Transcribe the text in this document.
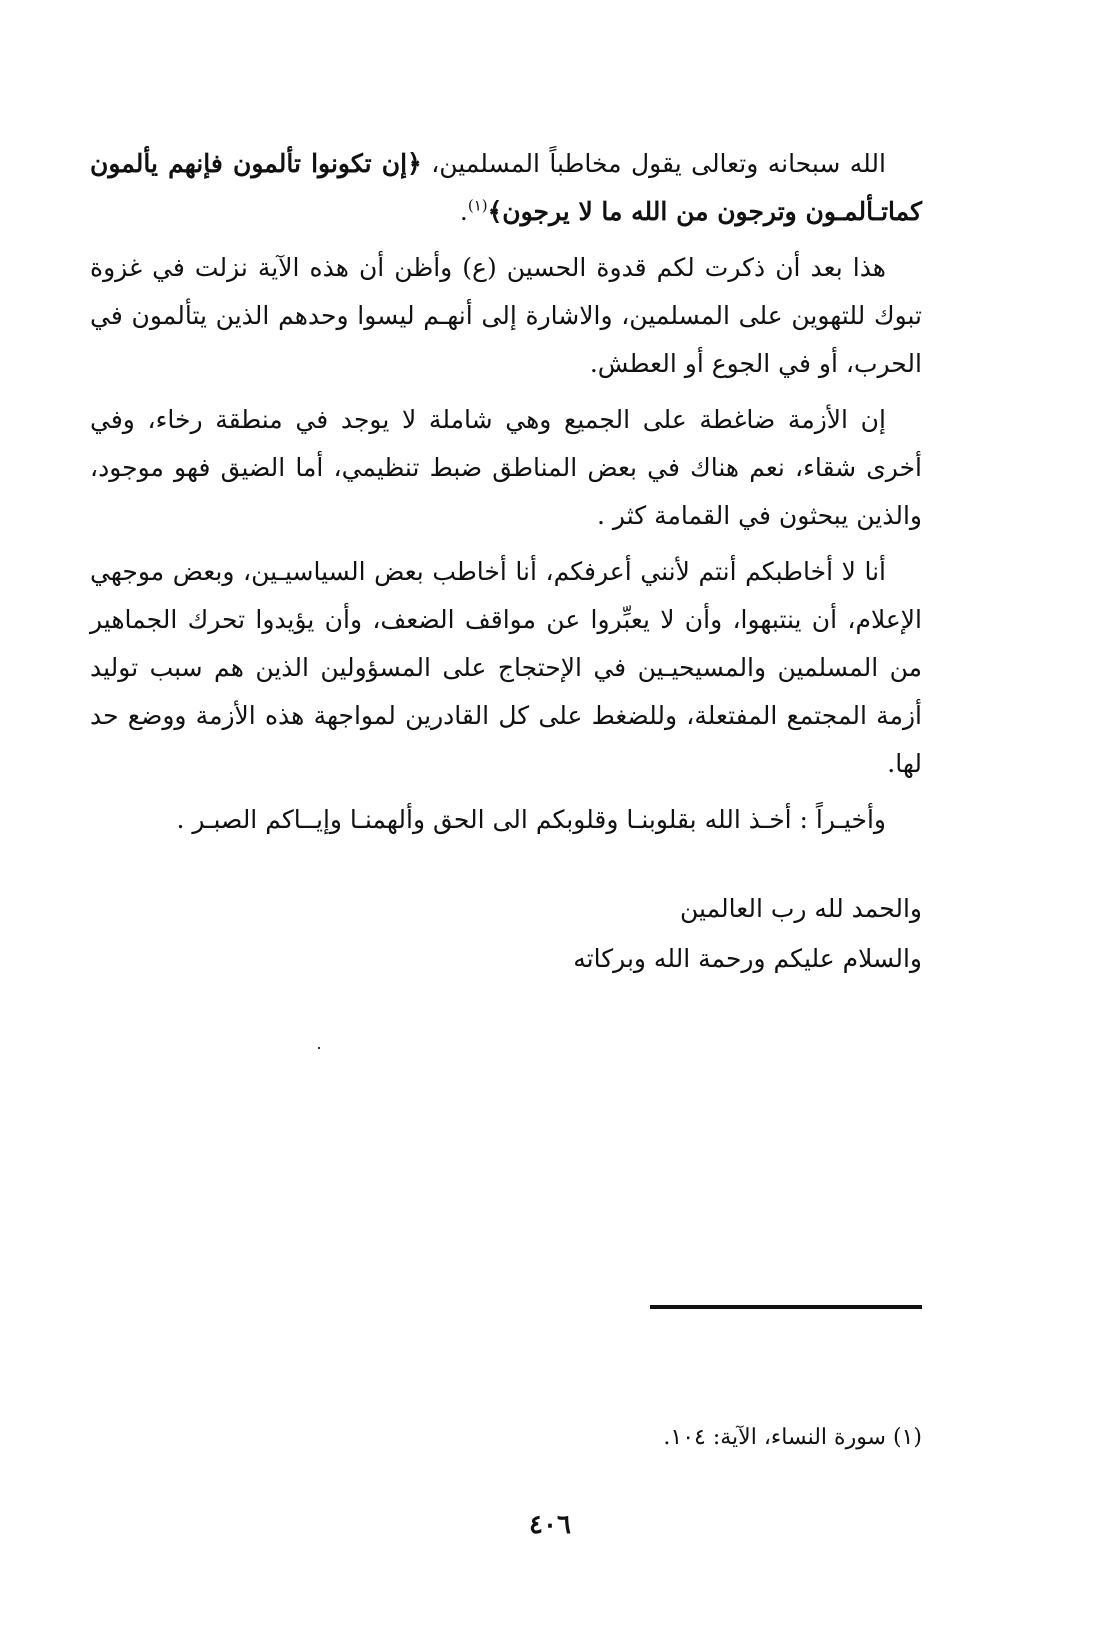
الله سبحانه وتعالى يقول مخاطباً المسلمين، ﴿إن تكونوا تألمون فإنهم يألمون كماتـألمـون وترجون من الله ما لا يرجون﴾$^{(١)}$.

هذا بعد أن ذكرت لكم قدوة الحسين (ع) وأظن أن هذه الآية نزلت في غزوة تبوك للتهوين على المسلمين، والاشارة إلى أنهـم ليسوا وحدهم الذين يتألمون في الحرب، أو في الجوع أو العطش.

إن الأزمة ضاغطة على الجميع وهي شاملة لا يوجد في منطقة رخاء، وفي أخرى شقاء، نعم هناك في بعض المناطق ضبط تنظيمي، أما الضيق فهو موجود، والذين يبحثون في القمامة كثر .

أنا لا أخاطبكم أنتم لأنني أعرفكم، أنا أخاطب بعض السياسيـين، وبعض موجهي الإعلام، أن ينتبهوا، وأن لا يعبِّروا عن مواقف الضعف، وأن يؤيدوا تحرك الجماهير من المسلمين والمسيحيـين في الإحتجاج على المسؤولين الذين هم سبب توليد أزمة المجتمع المفتعلة، وللضغط على كل القادرين لمواجهة هذه الأزمة ووضع حد لها.

وأخيـراً : أخـذ الله بقلوبنـا وقلوبكم الى الحق وألهمنـا وإيــاكم الصبـر .

والحمد لله رب العالمين
والسلام عليكم ورحمة الله وبركاته
(١) سورة النساء، الآية: ١٠٤.
٤٠٦
